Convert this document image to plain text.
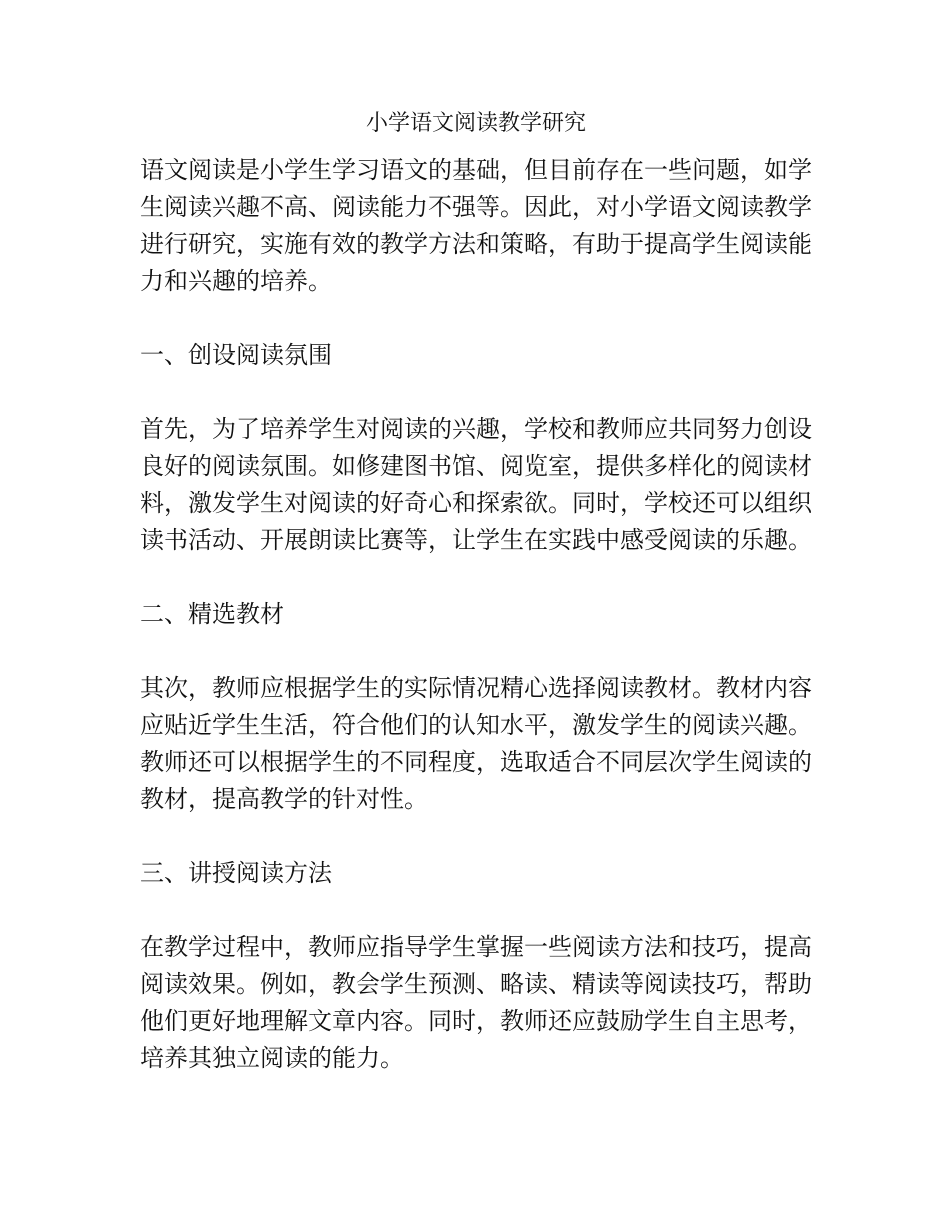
小学语文阅读教学研究

语文阅读是小学生学习语文的基础，但目前存在一些问题，如学生阅读兴趣不高、阅读能力不强等。因此，对小学语文阅读教学进行研究，实施有效的教学方法和策略，有助于提高学生阅读能力和兴趣的培养。

一、创设阅读氛围

首先，为了培养学生对阅读的兴趣，学校和教师应共同努力创设良好的阅读氛围。如修建图书馆、阅览室，提供多样化的阅读材料，激发学生对阅读的好奇心和探索欲。同时，学校还可以组织读书活动、开展朗读比赛等，让学生在实践中感受阅读的乐趣。

二、精选教材

其次，教师应根据学生的实际情况精心选择阅读教材。教材内容应贴近学生生活，符合他们的认知水平，激发学生的阅读兴趣。教师还可以根据学生的不同程度，选取适合不同层次学生阅读的教材，提高教学的针对性。

三、讲授阅读方法

在教学过程中，教师应指导学生掌握一些阅读方法和技巧，提高阅读效果。例如，教会学生预测、略读、精读等阅读技巧，帮助他们更好地理解文章内容。同时，教师还应鼓励学生自主思考，培养其独立阅读的能力。
